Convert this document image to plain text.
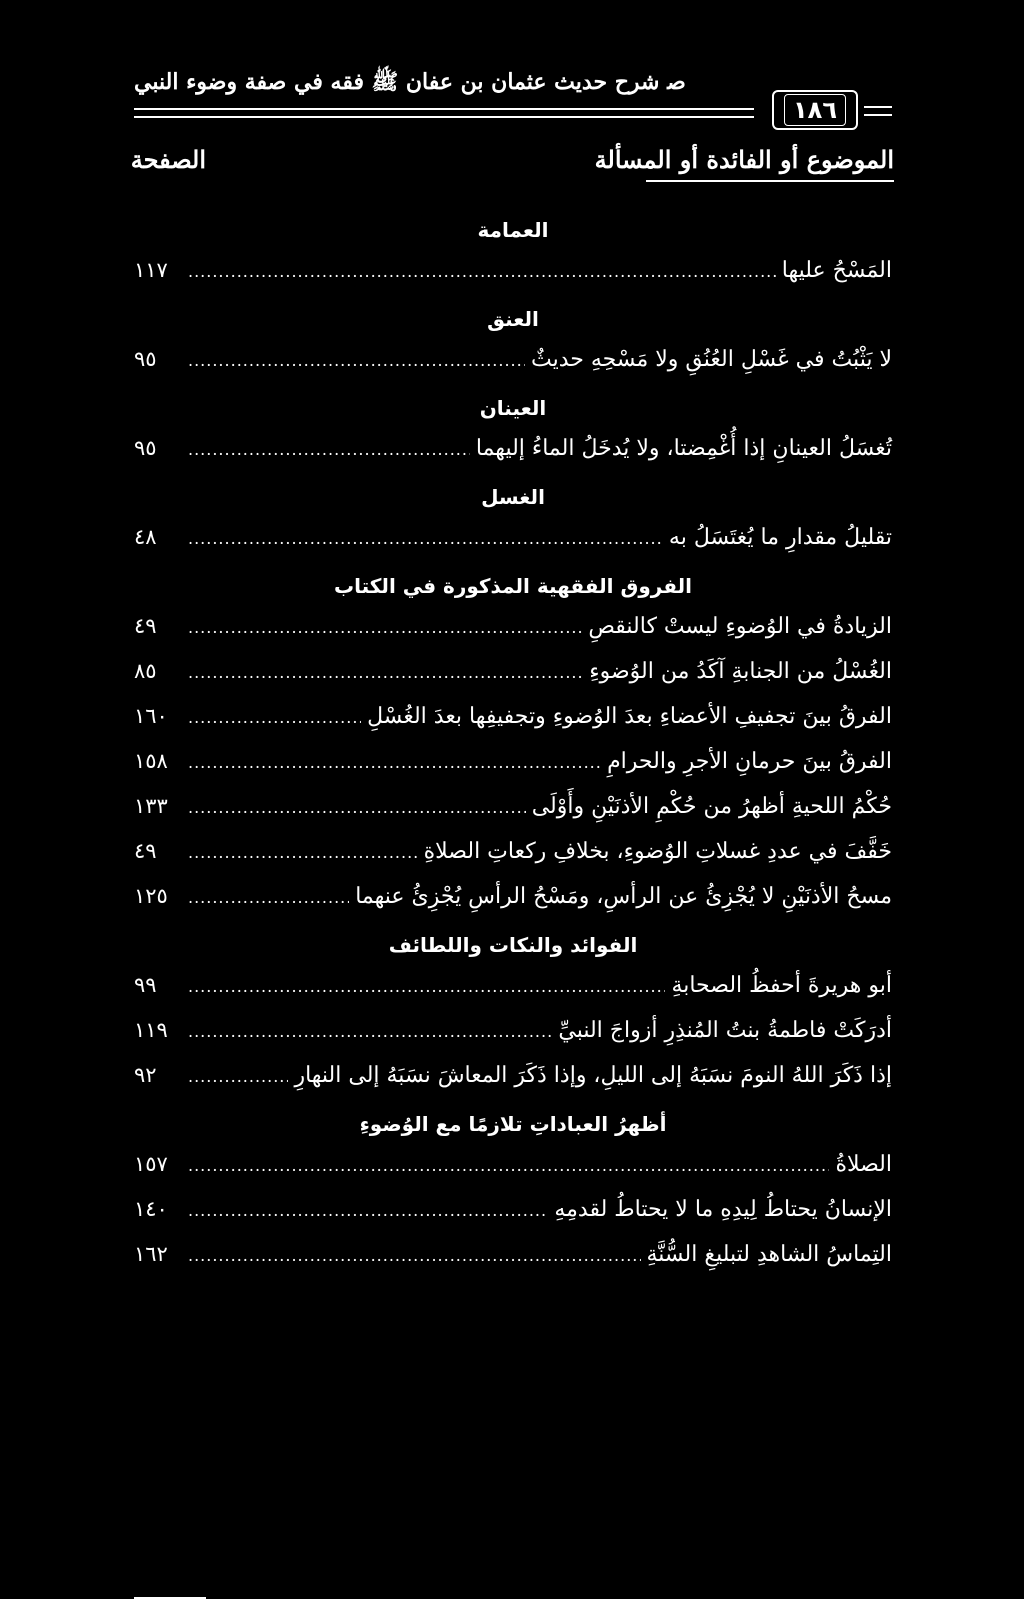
ﺻ ﺷﺮح ﺣﺪﻳﺚ ﻋﺜﻤﺎن ﺑﻦ ﻋﻔﺎن ﷺ ﻓﻘﻪ ﻓﻲ ﺻﻔﺔ وﺿﻮء اﻟﻨﺒﻲ
١٨٦
الموضوع أو الفائدة أو المسألة
الصفحة
العمامة
المَسْحُ عليها
.....
١١٧
العنق
لا يَثْبُتُ في غَسْلِ العُنُقِ ولا مَسْحِهِ حديثٌ
.....
٩٥
العينان
تُغسَلُ العينانِ إذا أُغْمِضتا، ولا يُدخَلُ الماءُ إليهما
.....
٩٥
الغسل
تقليلُ مقدارِ ما يُغتَسَلُ به
.....
٤٨
الفروق الفقهية المذكورة في الكتاب
الزيادةُ في الوُضوءِ ليستْ كالنقصِ
.....
٤٩
الغُسْلُ من الجنابةِ آكَدُ من الوُضوءِ
.....
٨٥
الفرقُ بينَ تجفيفِ الأعضاءِ بعدَ الوُضوءِ وتجفيفِها بعدَ الغُسْلِ
.....
١٦٠
الفرقُ بينَ حرمانِ الأجرِ والحرامِ
.....
١٥٨
حُكْمُ اللحيةِ أظهرُ من حُكْمِ الأذنَيْنِ وأَوْلَى
.....
١٣٣
خَفَّفَ في عددِ غسلاتِ الوُضوءِ، بخلافِ ركعاتِ الصلاةِ
.....
٤٩
مسحُ الأذنَيْنِ لا يُجْزِئُ عن الرأسِ، ومَسْحُ الرأسِ يُجْزِئُ عنهما
.....
١٢٥
الفوائد والنكات واللطائف
أبو هريرةَ أحفظُ الصحابةِ
.....
٩٩
أدرَكَتْ فاطمةُ بنتُ المُنذِرِ أزواجَ النبيِّ
.....
١١٩
إذا ذَكَرَ اللهُ النومَ نسَبَهُ إلى الليلِ، وإذا ذَكَرَ المعاشَ نسَبَهُ إلى النهارِ
.....
٩٢
أظهرُ العباداتِ تلازمًا مع الوُضوءِ
الصلاةُ
.....
١٥٧
الإنسانُ يحتاطُ لِيدِهِ ما لا يحتاطُ لقدمِهِ
.....
١٤٠
التِماسُ الشاهدِ لتبليغِ السُّنَّةِ
.....
١٦٢
